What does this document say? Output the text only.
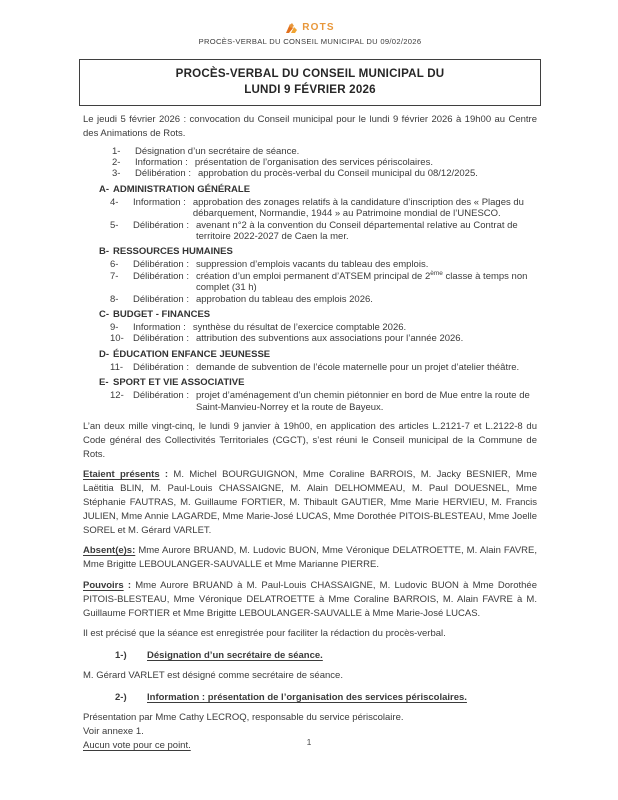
ROTS
PROCÈS-VERBAL DU CONSEIL MUNICIPAL DU 09/02/2026
PROCÈS-VERBAL DU CONSEIL MUNICIPAL DU
LUNDI 9 FÉVRIER 2026

Le jeudi 5 février 2026 : convocation du Conseil municipal pour le lundi 9 février 2026 à 19h00 au Centre des Animations de Rots.

1-	Désignation d’un secrétaire de séance.
2-	Information : présentation de l’organisation des services périscolaires.
3-	Délibération : approbation du procès-verbal du Conseil municipal du 08/12/2025.
A- ADMINISTRATION GÉNÉRALE
4-	Information : approbation des zonages relatifs à la candidature d’inscription des « Plages du débarquement, Normandie, 1944 » au Patrimoine mondial de l’UNESCO.
5-	Délibération : avenant n°2 à la convention du Conseil départemental relative au Contrat de territoire 2022-2027 de Caen la mer.
B- RESSOURCES HUMAINES
6-	Délibération : suppression d’emplois vacants du tableau des emplois.
7-	Délibération : création d’un emploi permanent d’ATSEM principal de 2ème classe à temps non complet (31 h)
8-	Délibération : approbation du tableau des emplois 2026.
C- BUDGET - FINANCES
9-	Information : synthèse du résultat de l’exercice comptable 2026.
10- Délibération : attribution des subventions aux associations pour l’année 2026.
D- ÉDUCATION ENFANCE JEUNESSE
11-	Délibération : demande de subvention de l’école maternelle pour un projet d’atelier théâtre.
E- SPORT ET VIE ASSOCIATIVE
12- Délibération : projet d’aménagement d’un chemin piétonnier en bord de Mue entre la route de Saint-Manvieu-Norrey et la route de Bayeux.

L’an deux mille vingt-cinq, le lundi 9 janvier à 19h00, en application des articles L.2121-7 et L.2122-8 du Code général des Collectivités Territoriales (CGCT), s’est réuni le Conseil municipal de la Commune de Rots.

Etaient présents : M. Michel BOURGUIGNON, Mme Coraline BARROIS, M. Jacky BESNIER, Mme Laëtitia BLIN, M. Paul-Louis CHASSAIGNE, M. Alain DELHOMMEAU, M. Paul DOUESNEL, Mme Stéphanie FAUTRAS, M. Guillaume FORTIER, M. Thibault GAUTIER, Mme Marie HERVIEU, M. Francis JULIEN, Mme Annie LAGARDE, Mme Marie-José LUCAS, Mme Dorothée PITOIS-BLESTEAU, Mme Joelle SOREL et M. Gérard VARLET.

Absent(e)s: Mme Aurore BRUAND, M. Ludovic BUON, Mme Véronique DELATROETTE, M. Alain FAVRE, Mme Brigitte LEBOULANGER-SAUVALLE et Mme Marianne PIERRE.

Pouvoirs : Mme Aurore BRUAND à M. Paul-Louis CHASSAIGNE, M. Ludovic BUON à Mme Dorothée PITOIS-BLESTEAU, Mme Véronique DELATROETTE à Mme Coraline BARROIS, M. Alain FAVRE à M. Guillaume FORTIER et Mme Brigitte LEBOULANGER-SAUVALLE à Mme Marie-José LUCAS.

Il est précisé que la séance est enregistrée pour faciliter la rédaction du procès-verbal.

1-)	Désignation d’un secrétaire de séance.
M. Gérard VARLET est désigné comme secrétaire de séance.
2-)	Information : présentation de l’organisation des services périscolaires.
Présentation par Mme Cathy LECROQ, responsable du service périscolaire.
Voir annexe 1.
Aucun vote pour ce point.	1
